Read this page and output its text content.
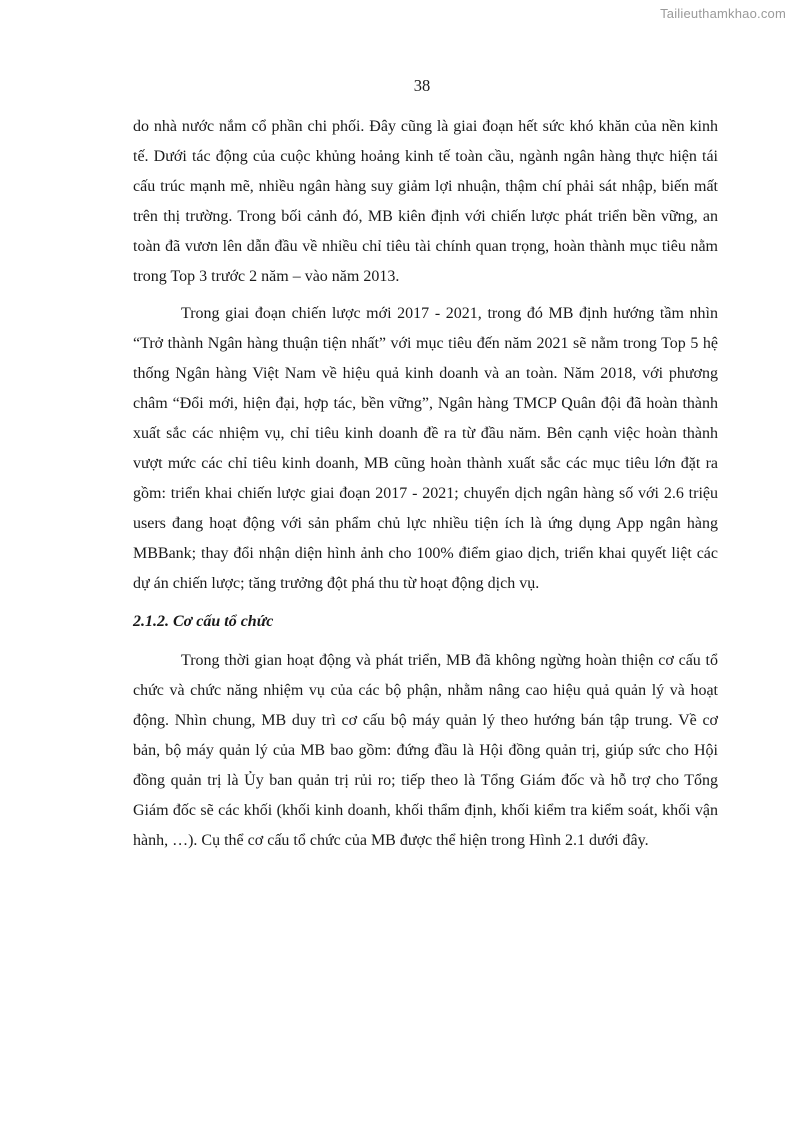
Tailieuthamkhao.com
38

do nhà nước nắm cổ phần chi phối. Đây cũng là giai đoạn hết sức khó khăn của nền kinh tế. Dưới tác động của cuộc khủng hoảng kinh tế toàn cầu, ngành ngân hàng thực hiện tái cấu trúc mạnh mẽ, nhiều ngân hàng suy giảm lợi nhuận, thậm chí phải sát nhập, biến mất trên thị trường. Trong bối cảnh đó, MB kiên định với chiến lược phát triển bền vững, an toàn đã vươn lên dẫn đầu về nhiều chỉ tiêu tài chính quan trọng, hoàn thành mục tiêu nằm trong Top 3 trước 2 năm – vào năm 2013.

Trong giai đoạn chiến lược mới 2017 - 2021, trong đó MB định hướng tầm nhìn “Trở thành Ngân hàng thuận tiện nhất” với mục tiêu đến năm 2021 sẽ nằm trong Top 5 hệ thống Ngân hàng Việt Nam về hiệu quả kinh doanh và an toàn. Năm 2018, với phương châm “Đổi mới, hiện đại, hợp tác, bền vững”, Ngân hàng TMCP Quân đội đã hoàn thành xuất sắc các nhiệm vụ, chỉ tiêu kinh doanh đề ra từ đầu năm. Bên cạnh việc hoàn thành vượt mức các chỉ tiêu kinh doanh, MB cũng hoàn thành xuất sắc các mục tiêu lớn đặt ra gồm: triển khai chiến lược giai đoạn 2017 - 2021; chuyển dịch ngân hàng số với 2.6 triệu users đang hoạt động với sản phẩm chủ lực nhiều tiện ích là ứng dụng App ngân hàng MBBank; thay đổi nhận diện hình ảnh cho 100% điểm giao dịch, triển khai quyết liệt các dự án chiến lược; tăng trưởng đột phá thu từ hoạt động dịch vụ.

2.1.2. Cơ cấu tổ chức

Trong thời gian hoạt động và phát triển, MB đã không ngừng hoàn thiện cơ cấu tổ chức và chức năng nhiệm vụ của các bộ phận, nhằm nâng cao hiệu quả quản lý và hoạt động. Nhìn chung, MB duy trì cơ cấu bộ máy quản lý theo hướng bán tập trung. Về cơ bản, bộ máy quản lý của MB bao gồm: đứng đầu là Hội đồng quản trị, giúp sức cho Hội đồng quản trị là Ủy ban quản trị rủi ro; tiếp theo là Tổng Giám đốc và hỗ trợ cho Tổng Giám đốc sẽ các khối (khối kinh doanh, khối thẩm định, khối kiểm tra kiểm soát, khối vận hành, …). Cụ thể cơ cấu tổ chức của MB được thể hiện trong Hình 2.1 dưới đây.
